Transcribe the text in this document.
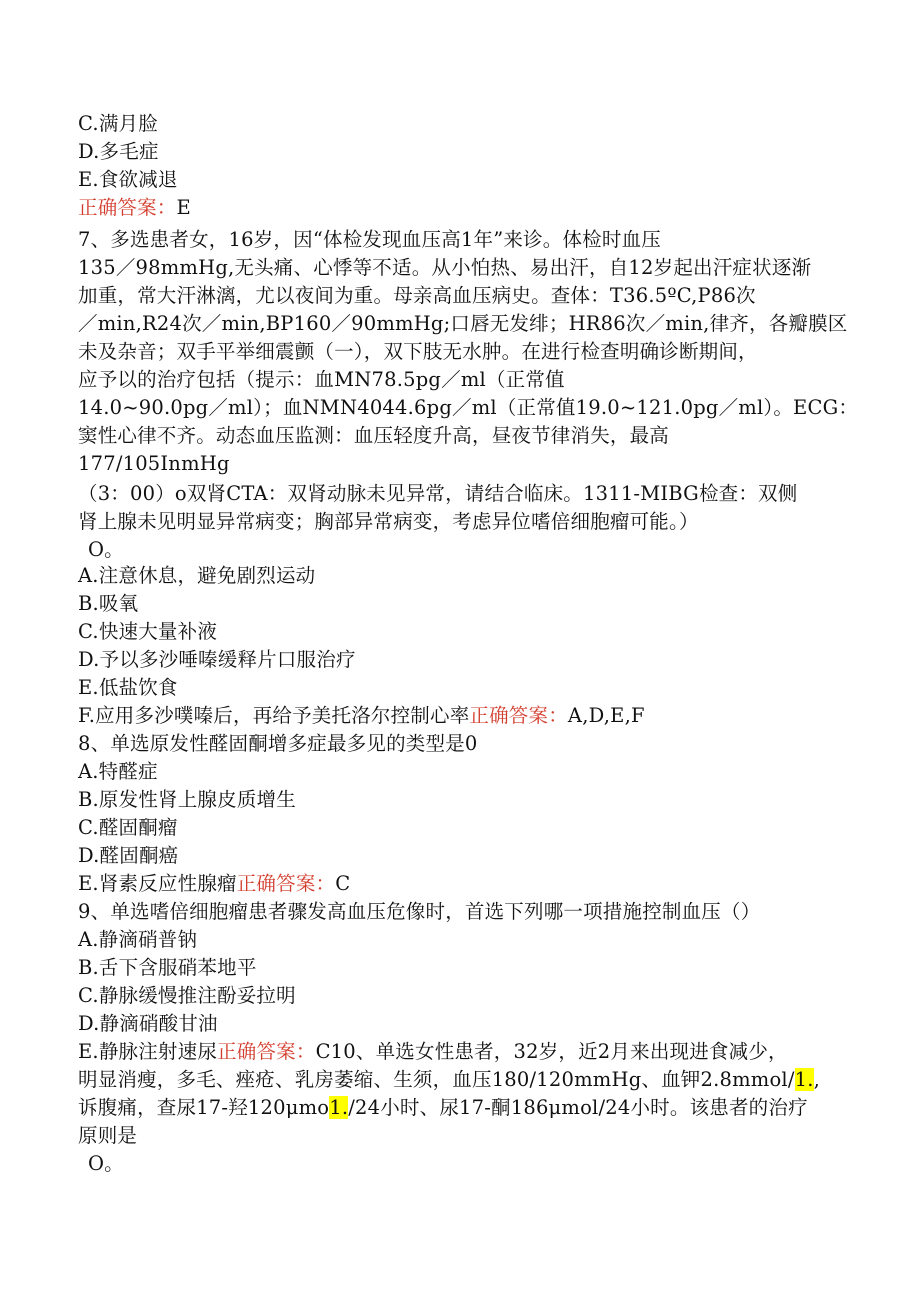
C.满月脸
D.多毛症
E.食欲减退
正确答案：E
7、多选患者女，16岁，因“体检发现血压高1年”来诊。体检时血压
135／98mmHg,无头痛、心悸等不适。从小怕热、易出汗，自12岁起出汗症状逐渐
加重，常大汗淋漓，尤以夜间为重。母亲高血压病史。查体：T36.5ºC,P86次
／min,R24次／min,BP160／90mmHg;口唇无发绯；HR86次／min,律齐，各瓣膜区
未及杂音；双手平举细震颤（一），双下肢无水肿。在进行检查明确诊断期间，
应予以的治疗包括（提示：血MN78.5pg／ml（正常值
14.0~90.0pg／ml）；血NMN4044.6pg／ml（正常值19.0~121.0pg／ml）。ECG：
窦性心律不齐。动态血压监测：血压轻度升高，昼夜节律消失，最高
177/105InmHg
（3：00）o双肾CTA：双肾动脉未见异常，请结合临床。1311-MIBG检查：双侧
肾上腺未见明显异常病变；胸部异常病变，考虑异位嗜倍细胞瘤可能。）
O。
A.注意休息，避免剧烈运动
B.吸氧
C.快速大量补液
D.予以多沙唾嗪缓释片口服治疗
E.低盐饮食
F.应用多沙噗嗪后，再给予美托洛尔控制心率正确答案：A,D,E,F
8、单选原发性醛固酮增多症最多见的类型是0
A.特醛症
B.原发性肾上腺皮质增生
C.醛固酮瘤
D.醛固酮癌
E.肾素反应性腺瘤正确答案：C
9、单选嗜倍细胞瘤患者骤发高血压危像时，首选下列哪一项措施控制血压（）
A.静滴硝普钠
B.舌下含服硝苯地平
C.静脉缓慢推注酚妥拉明
D.静滴硝酸甘油
E.静脉注射速尿正确答案：C10、单选女性患者，32岁，近2月来出现进食减少，
明显消瘦，多毛、痤疮、乳房萎缩、生须，血压180/120mmHg、血钾2.8mmol/1.,
诉腹痛，查尿17-羟120μmo1./24小时、尿17-酮186μmol/24小时。该患者的治疗
原则是
O。
